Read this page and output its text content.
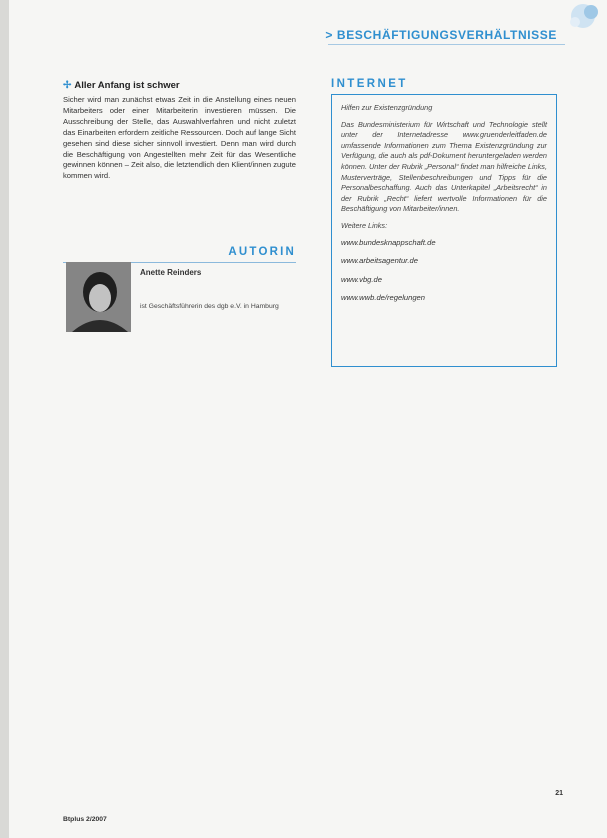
> BESCHÄFTIGUNGSVERHÄLTNISSE
✢ Aller Anfang ist schwer

Sicher wird man zunächst etwas Zeit in die Anstellung eines neuen Mitarbeiters oder einer Mitarbeiterin investieren müssen. Die Ausschreibung der Stelle, das Auswahlverfahren und nicht zuletzt das Einarbeiten erfordern zeitliche Ressourcen. Doch auf lange Sicht gesehen sind diese sicher sinnvoll investiert. Denn man wird durch die Beschäftigung von Angestellten mehr Zeit für das Wesentliche gewinnen können – Zeit also, die letztendlich den Klient/innen zugute kommen wird.

AUTORIN
Anette Reinders
ist Geschäftsführerin des dgb e.V. in Hamburg
INTERNET

Hilfen zur Existenzgründung

Das Bundesministerium für Wirtschaft und Technologie stellt unter der Internetadresse www.gruenderleitfaden.de umfassende Informationen zum Thema Existenzgründung zur Verfügung, die auch als pdf-Dokument heruntergeladen werden können. Unter der Rubrik „Personal“ findet man hilfreiche Links, Musterverträge, Stellenbeschreibungen und Tipps für die Personalbeschaffung. Auch das Unterkapitel „Arbeitsrecht“ in der Rubrik „Recht“ liefert wertvolle Informationen für die Beschäftigung von Mitarbeiter/innen.

Weitere Links:

www.bundesknappschaft.de
www.arbeitsagentur.de
www.vbg.de
www.wwb.de/regelungen
21
Btplus 2/2007
